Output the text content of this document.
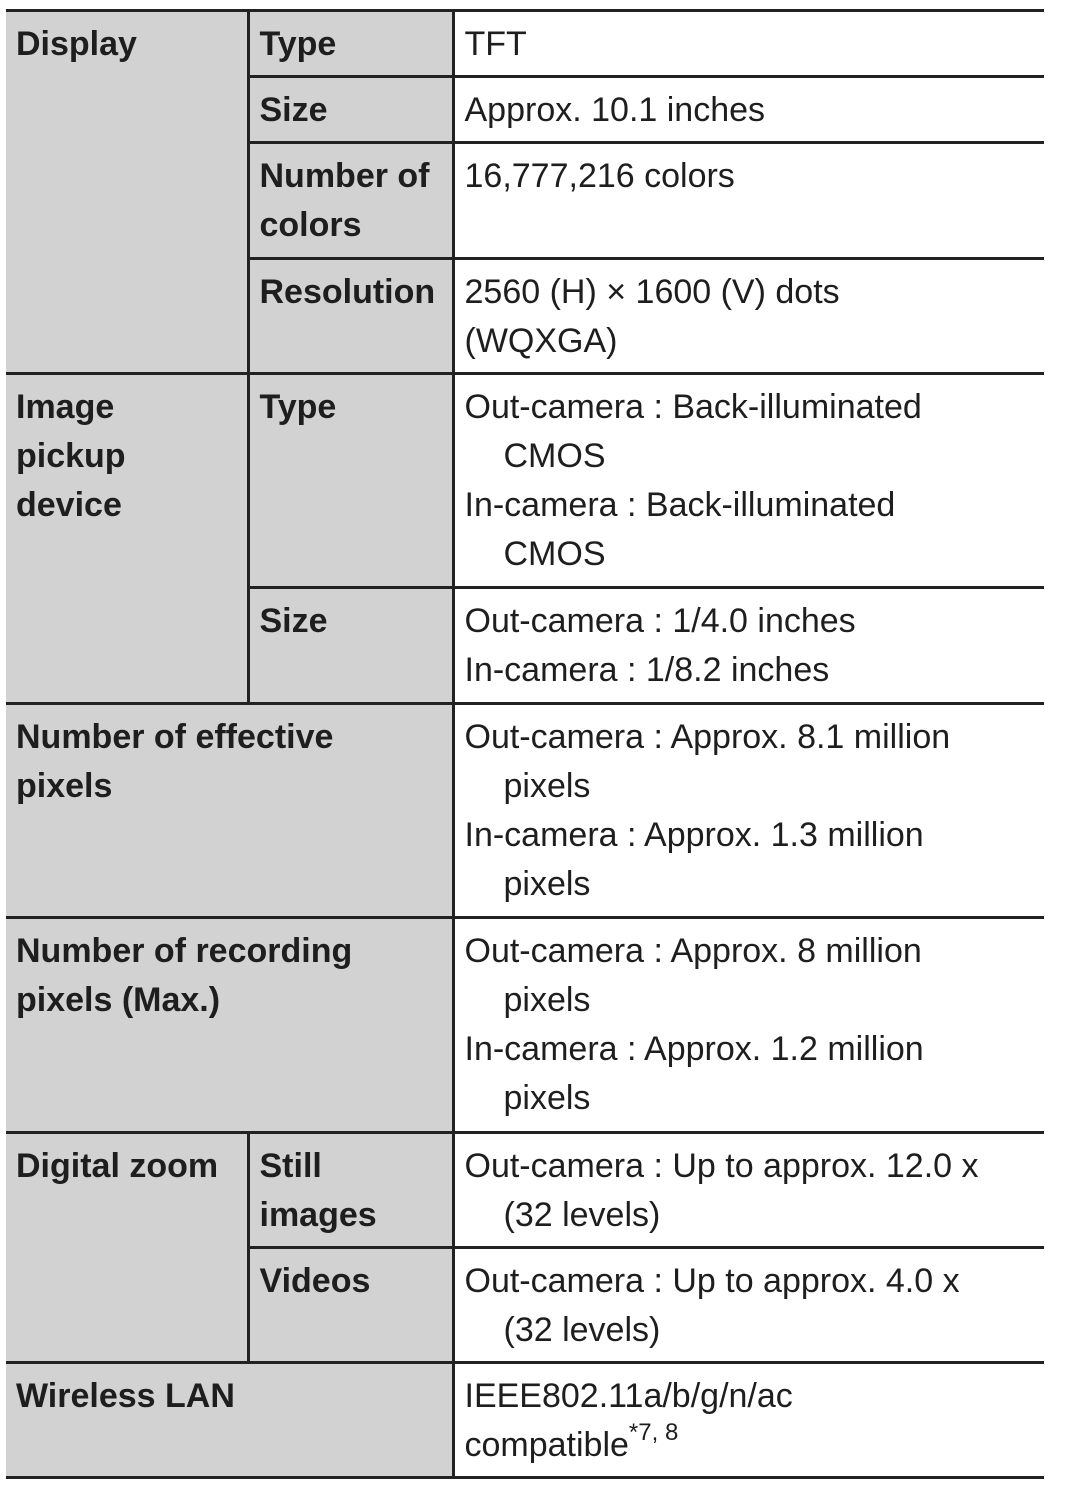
Display	Type	TFT

	Size	Approx. 10.1 inches

	Number of
colors	16,777,216 colors

	Resolution	2560 (H) × 1600 (V) dots
(WQXGA)

Image
pickup
device	Type	Out-camera : Back-illuminated
CMOS
In-camera : Back-illuminated
CMOS

	Size	Out-camera : 1/4.0 inches
In-camera : 1/8.2 inches

Number of effective
pixels		Out-camera : Approx. 8.1 million
pixels
In-camera : Approx. 1.3 million
pixels

Number of recording
pixels (Max.)		Out-camera : Approx. 8 million
pixels
In-camera : Approx. 1.2 million
pixels

Digital zoom	Still
images	Out-camera : Up to approx. 12.0 x
(32 levels)

	Videos	Out-camera : Up to approx. 4.0 x
(32 levels)

Wireless LAN		IEEE802.11a/b/g/n/ac
compatible$^{*7, 8}$
